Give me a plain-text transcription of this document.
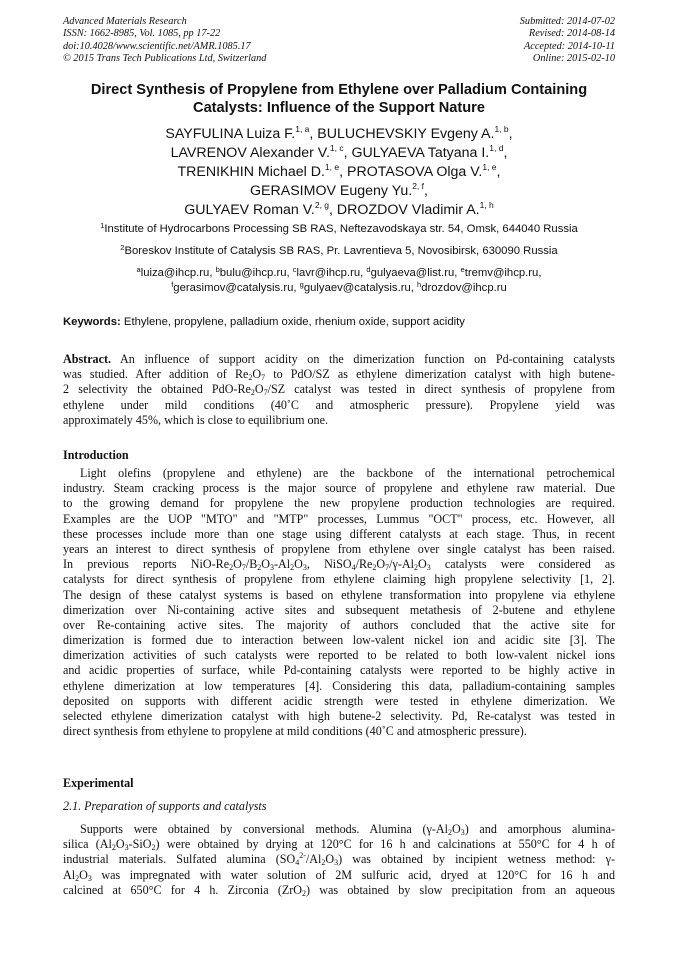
Advanced Materials Research
ISSN: 1662-8985, Vol. 1085, pp 17-22
doi:10.4028/www.scientific.net/AMR.1085.17
© 2015 Trans Tech Publications Ltd, Switzerland
Submitted: 2014-07-02
Revised: 2014-08-14
Accepted: 2014-10-11
Online: 2015-02-10
Direct Synthesis of Propylene from Ethylene over Palladium Containing
Catalysts: Influence of the Support Nature
SAYFULINA Luiza F.$^{1, a}$, BULUCHEVSKIY Evgeny A.$^{1, b}$,
LAVRENOV Alexander V.$^{1, c}$, GULYAEVA Tatyana I.$^{1, d}$,
TRENIKHIN Michael D.$^{1, e}$, PROTASOVA Olga V.$^{1, e}$,
GERASIMOV Eugeny Yu.$^{2, f}$,
GULYAEV Roman V.$^{2, g}$, DROZDOV Vladimir A.$^{1, h}$
$^1$Institute of Hydrocarbons Processing SB RAS, Neftezavodskaya str. 54, Omsk, 644040 Russia
$^2$Boreskov Institute of Catalysis SB RAS, Pr. Lavrentieva 5, Novosibirsk, 630090 Russia
$^a$luiza@ihcp.ru, $^b$bulu@ihcp.ru, $^c$lavr@ihcp.ru, $^d$gulyaeva@list.ru, $^e$tremv@ihcp.ru,
$^f$gerasimov@catalysis.ru, $^g$gulyaev@catalysis.ru, $^h$drozdov@ihcp.ru
Keywords: Ethylene, propylene, palladium oxide, rhenium oxide, support acidity
Abstract. An influence of support acidity on the dimerization function on Pd-containing catalysts
was studied. After addition of $Re_2O_7$ to PdO/SZ as ethylene dimerization catalyst with high butene-
2 selectivity the obtained PdO-$Re_2O_7/SZ$ catalyst was tested in direct synthesis of propylene from
ethylene under mild conditions (40˚C and atmospheric pressure). Propylene yield was
approximately 45%, which is close to equilibrium one.
Introduction
Light olefins (propylene and ethylene) are the backbone of the international petrochemical
industry. Steam cracking process is the major source of propylene and ethylene raw material. Due
to the growing demand for propylene the new propylene production technologies are required.
Examples are the UOP "MTO" and "MTP" processes, Lummus "OCT" process, etc. However, all
these processes include more than one stage using different catalysts at each stage. Thus, in recent
years an interest to direct synthesis of propylene from ethylene over single catalyst has been raised.
In previous reports NiO-$Re_2O_7/B_2O_3-Al_2O_3$, $NiSO_4/Re_2O_7/\gamma-Al_2O_3$ catalysts were considered as
catalysts for direct synthesis of propylene from ethylene claiming high propylene selectivity [1, 2].
The design of these catalyst systems is based on ethylene transformation into propylene via ethylene
dimerization over Ni-containing active sites and subsequent metathesis of 2-butene and ethylene
over Re-containing active sites. The majority of authors concluded that the active site for
dimerization is formed due to interaction between low-valent nickel ion and acidic site [3]. The
dimerization activities of such catalysts were reported to be related to both low-valent nickel ions
and acidic properties of surface, while Pd-containing catalysts were reported to be highly active in
ethylene dimerization at low temperatures [4]. Considering this data, palladium-containing samples
deposited on supports with different acidic strength were tested in ethylene dimerization. We
selected ethylene dimerization catalyst with high butene-2 selectivity. Pd, Re-catalyst was tested in
direct synthesis from ethylene to propylene at mild conditions (40˚C and atmospheric pressure).
Experimental
2.1. Preparation of supports and catalysts
Supports were obtained by conversional methods. Alumina $(\gamma-Al_2O_3)$ and amorphous alumina-
silica $(Al_2O_3-SiO_2)$ were obtained by drying at 120°C for 16 h and calcinations at 550°C for 4 h of
industrial materials. Sulfated alumina $(SO_4^{2-}/Al_2O_3)$ was obtained by incipient wetness method: γ-
$Al_2O_3$ was impregnated with water solution of 2M sulfuric acid, dryed at 120°C for 16 h and
calcined at 650°C for 4 h. Zirconia (ZrO$_2$) was obtained by slow precipitation from an aqueous
